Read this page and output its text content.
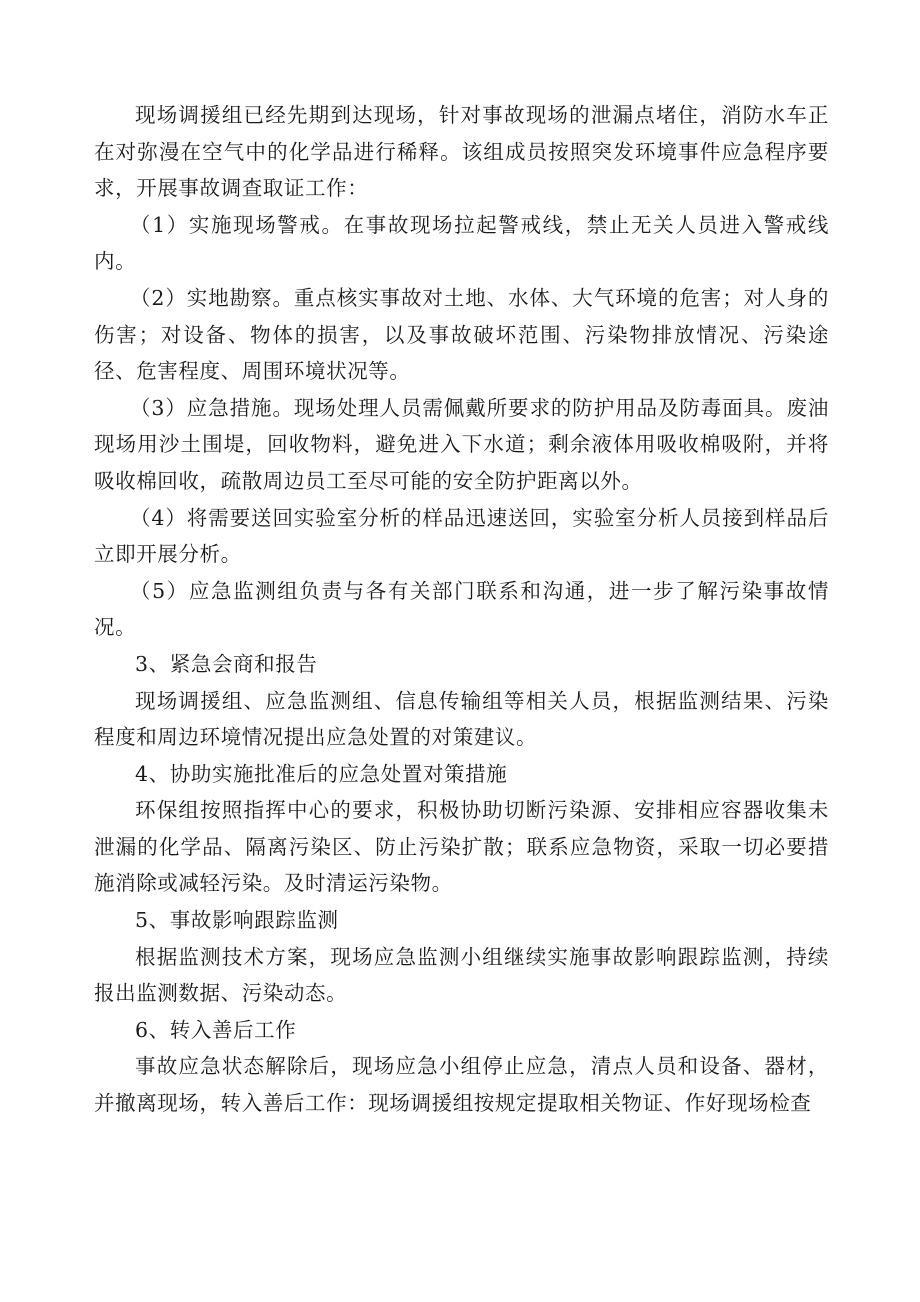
现场调援组已经先期到达现场，针对事故现场的泄漏点堵住，消防水车正在对弥漫在空气中的化学品进行稀释。该组成员按照突发环境事件应急程序要求，开展事故调查取证工作：

（1）实施现场警戒。在事故现场拉起警戒线，禁止无关人员进入警戒线内。

（2）实地勘察。重点核实事故对土地、水体、大气环境的危害；对人身的伤害；对设备、物体的损害，以及事故破坏范围、污染物排放情况、污染途径、危害程度、周围环境状况等。

（3）应急措施。现场处理人员需佩戴所要求的防护用品及防毒面具。废油现场用沙土围堤，回收物料，避免进入下水道；剩余液体用吸收棉吸附，并将吸收棉回收，疏散周边员工至尽可能的安全防护距离以外。

（4）将需要送回实验室分析的样品迅速送回，实验室分析人员接到样品后立即开展分析。

（5）应急监测组负责与各有关部门联系和沟通，进一步了解污染事故情况。

3、紧急会商和报告

现场调援组、应急监测组、信息传输组等相关人员，根据监测结果、污染程度和周边环境情况提出应急处置的对策建议。

4、协助实施批准后的应急处置对策措施

环保组按照指挥中心的要求，积极协助切断污染源、安排相应容器收集未泄漏的化学品、隔离污染区、防止污染扩散；联系应急物资，采取一切必要措施消除或减轻污染。及时清运污染物。

5、事故影响跟踪监测

根据监测技术方案，现场应急监测小组继续实施事故影响跟踪监测，持续报出监测数据、污染动态。

6、转入善后工作

事故应急状态解除后，现场应急小组停止应急，清点人员和设备、器材，并撤离现场，转入善后工作：现场调援组按规定提取相关物证、作好现场检查
